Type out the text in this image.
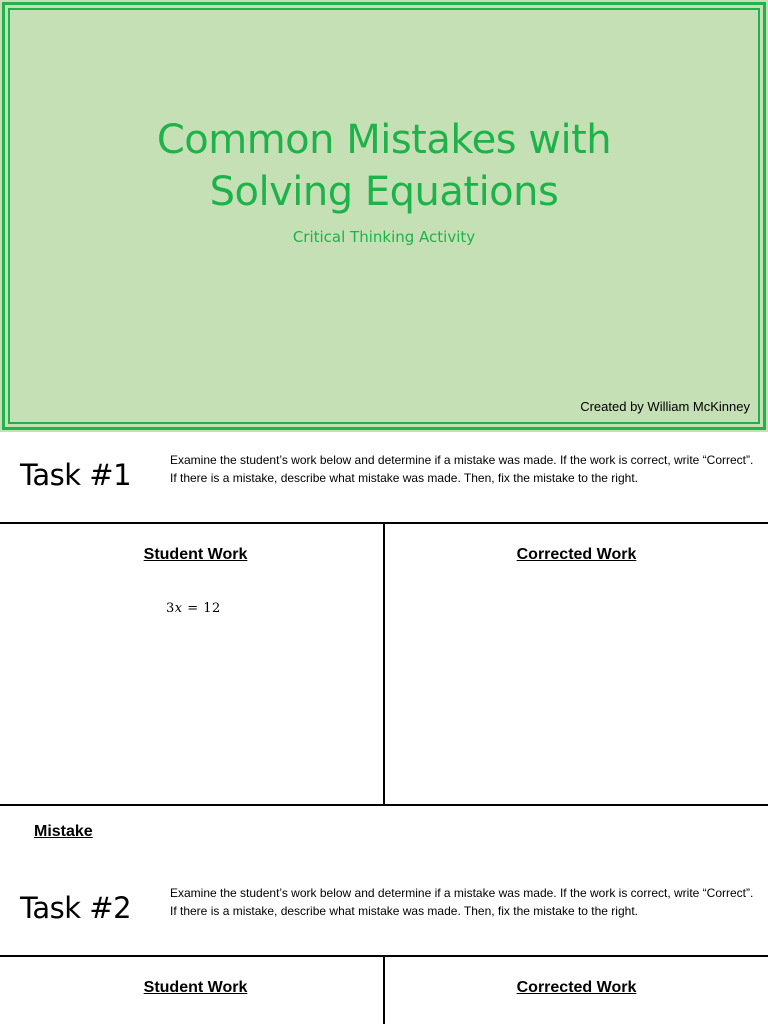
Common Mistakes with
Solving Equations
Critical Thinking Activity
Created by William McKinney
Task #1	Examine the student’s work below and determine if a mistake was made. If the work is correct, write “Correct”. If there is a mistake, describe what mistake was made. Then, fix the mistake to the right.
Student Work	Corrected Work
3x = 12
Mistake
Task #2	Examine the student’s work below and determine if a mistake was made. If the work is correct, write “Correct”. If there is a mistake, describe what mistake was made. Then, fix the mistake to the right.
Student Work	Corrected Work
